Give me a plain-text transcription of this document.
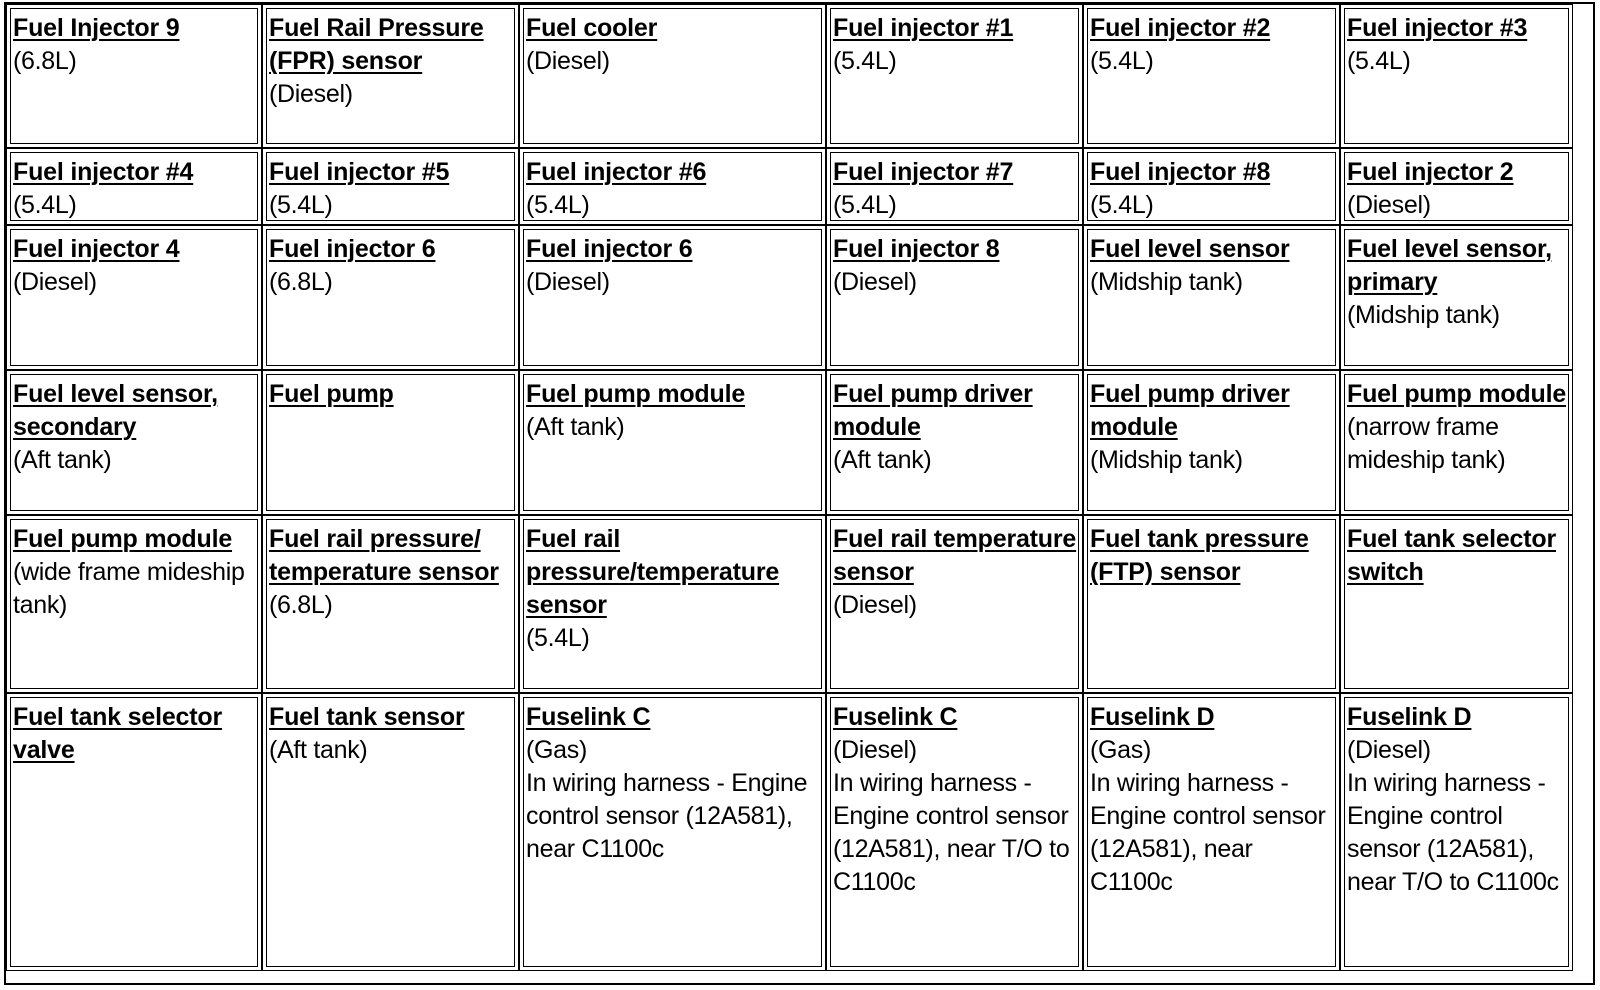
Fuel Injector 9
(6.8L)
Fuel Rail Pressure (FPR) sensor
(Diesel)
Fuel cooler
(Diesel)
Fuel injector #1
(5.4L)
Fuel injector #2
(5.4L)
Fuel injector #3
(5.4L)
Fuel injector #4
(5.4L)
Fuel injector #5
(5.4L)
Fuel injector #6
(5.4L)
Fuel injector #7
(5.4L)
Fuel injector #8
(5.4L)
Fuel injector 2
(Diesel)
Fuel injector 4
(Diesel)
Fuel injector 6
(6.8L)
Fuel injector 6
(Diesel)
Fuel injector 8
(Diesel)
Fuel level sensor
(Midship tank)
Fuel level sensor, primary
(Midship tank)
Fuel level sensor, secondary
(Aft tank)
Fuel pump	Fuel pump module
(Aft tank)
Fuel pump driver module
(Aft tank)
Fuel pump driver module
(Midship tank)
Fuel pump module
(narrow frame mideship tank)
Fuel pump module
(wide frame mideship tank)
Fuel rail pressure/ temperature sensor
(6.8L)
Fuel rail pressure/temperature sensor
(5.4L)
Fuel rail temperature sensor
(Diesel)
Fuel tank pressure (FTP) sensor
Fuel tank selector switch
Fuel tank selector valve
Fuel tank sensor
(Aft tank)
Fuselink C
(Gas)
In wiring harness - Engine control sensor (12A581), near C1100c
Fuselink C
(Diesel)
In wiring harness - Engine control sensor (12A581), near T/O to C1100c
Fuselink D
(Gas)
In wiring harness - Engine control sensor (12A581), near C1100c
Fuselink D
(Diesel)
In wiring harness - Engine control sensor (12A581), near T/O to C1100c
